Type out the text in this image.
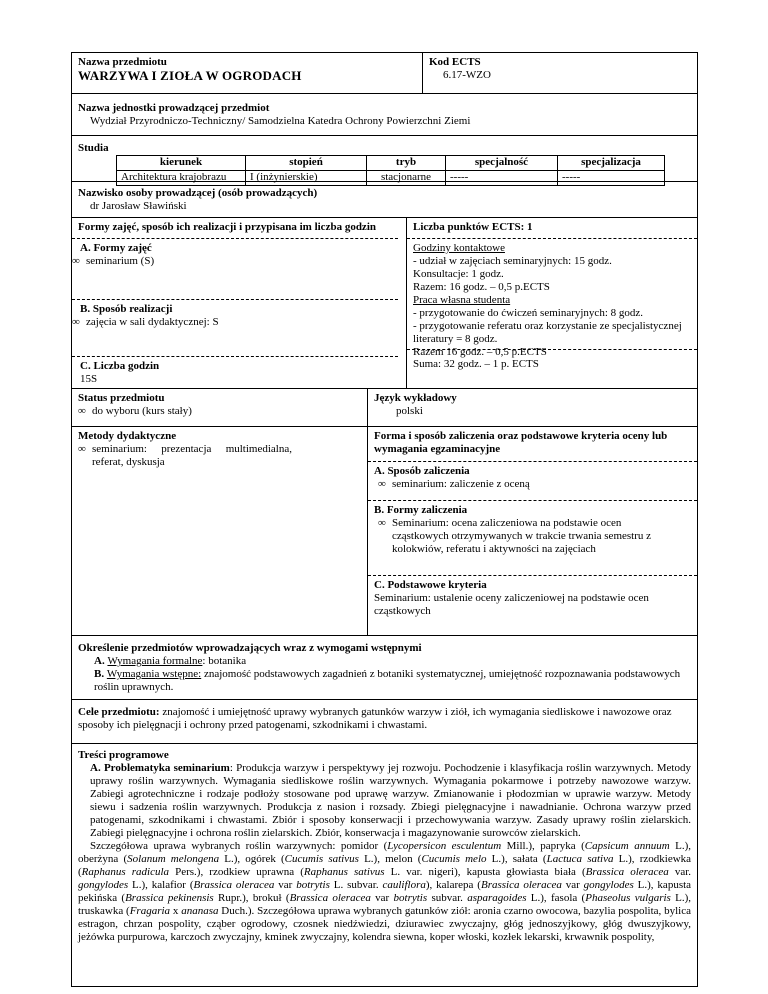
Nazwa przedmiotu
WARZYWA I ZIOŁA W OGRODACH
Kod ECTS
6.17-WZO
Nazwa jednostki prowadzącej przedmiot
Wydział Przyrodniczo-Techniczny/ Samodzielna Katedra Ochrony Powierzchni Ziemi
Studia
kierunek	stopień	tryb	specjalność	specjalizacja
Architektura krajobrazu	I (inżynierskie)	stacjonarne	-----	-----
Nazwisko osoby prowadzącej (osób prowadzących)
dr Jarosław Sławiński
Formy zajęć, sposób ich realizacji i przypisana im liczba godzin
A. Formy zajęć
∞ seminarium (S)
B. Sposób realizacji
∞ zajęcia w sali dydaktycznej: S
C. Liczba godzin
15S
Liczba punktów ECTS: 1
Godziny kontaktowe
- udział w zajęciach seminaryjnych: 15 godz.
Konsultacje: 1 godz.
Razem: 16 godz. – 0,5 p.ECTS
Praca własna studenta
- przygotowanie do ćwiczeń seminaryjnych: 8 godz.
- przygotowanie referatu oraz korzystanie ze specjalistycznej literatury = 8 godz.
Razem 16 godz. – 0,5 p.ECTS
Suma: 32 godz. – 1 p. ECTS
Status przedmiotu
∞ do wyboru (kurs stały)
Język wykładowy
polski
Metody dydaktyczne
∞ seminarium: prezentacja multimedialna, referat, dyskusja
Forma i sposób zaliczenia oraz podstawowe kryteria oceny lub wymagania egzaminacyjne
A. Sposób zaliczenia
∞ seminarium: zaliczenie z oceną
B. Formy zaliczenia
∞ Seminarium: ocena zaliczeniowa na podstawie ocen cząstkowych otrzymywanych w trakcie trwania semestru z kolokwiów, referatu i aktywności na zajęciach
C. Podstawowe kryteria
Seminarium: ustalenie oceny zaliczeniowej na podstawie ocen cząstkowych
Określenie przedmiotów wprowadzających wraz z wymogami wstępnymi
A. Wymagania formalne: botanika
B. Wymagania wstępne: znajomość podstawowych zagadnień z botaniki systematycznej, umiejętność rozpoznawania podstawowych roślin uprawnych.
Cele przedmiotu: znajomość i umiejętność uprawy wybranych gatunków warzyw i ziół, ich wymagania siedliskowe i nawozowe oraz sposoby ich pielęgnacji i ochrony przed patogenami, szkodnikami i chwastami.
Treści programowe
A. Problematyka seminarium: Produkcja warzyw i perspektywy jej rozwoju. Pochodzenie i klasyfikacja roślin warzywnych. Metody uprawy roślin warzywnych. Wymagania siedliskowe roślin warzywnych. Wymagania pokarmowe i potrzeby nawozowe warzyw. Zabiegi agrotechniczne i rodzaje podłoży stosowane pod uprawę warzyw. Zmianowanie i płodozmian w uprawie warzyw. Metody siewu i sadzenia roślin warzywnych. Produkcja z nasion i rozsady. Zbiegi pielęgnacyjne i nawadnianie. Ochrona warzyw przed patogenami, szkodnikami i chwastami. Zbiór i sposoby konserwacji i przechowywania warzyw. Zasady uprawy roślin zielarskich. Zabiegi pielęgnacyjne i ochrona roślin zielarskich. Zbiór, konserwacja i magazynowanie surowców zielarskich.
Szczegółowa uprawa wybranych roślin warzywnych: pomidor (Lycopersicon esculentum Mill.), papryka (Capsicum annuum L.), oberżyna (Solanum melongena L.), ogórek (Cucumis sativus L.), melon (Cucumis melo L.), sałata (Lactuca sativa L.), rzodkiewka (Raphanus radicula Pers.), rzodkiew uprawna (Raphanus sativus L. var. nigeri), kapusta głowiasta biała (Brassica oleracea var. gongylodes L.), kalafior (Brassica oleracea var botrytis L. subvar. cauliflora), kalarepa (Brassica oleracea var gongylodes L.), kapusta pekińska (Brassica pekinensis Rupr.), brokuł (Brassica oleracea var botrytis subvar. asparagoides L.), fasola (Phaseolus vulgaris L.), truskawka (Fragaria x ananasa Duch.). Szczegółowa uprawa wybranych gatunków ziół: aronia czarno owocowa, bazylia pospolita, bylica estragon, chrzan pospolity, cząber ogrodowy, czosnek niedźwiedzi, dziurawiec zwyczajny, głóg jednoszyjkowy, głóg dwuszyjkowy, jeżówka purpurowa, karczoch zwyczajny, kminek zwyczajny, kolendra siewna, koper włoski, kozłek lekarski, krwawnik pospolity,
